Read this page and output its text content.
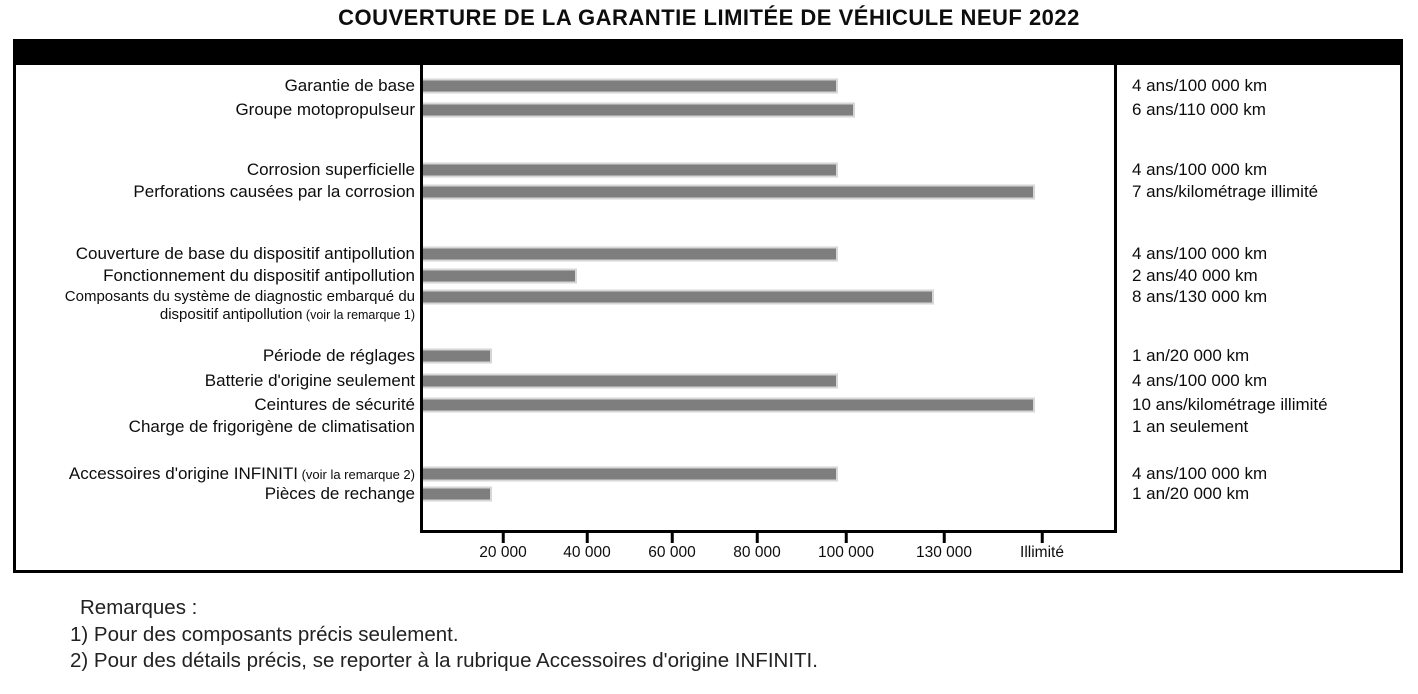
COUVERTURE DE LA GARANTIE LIMITÉE DE VÉHICULE NEUF 2022
Garantie de base	4 ans/100 000 km
Groupe motopropulseur	6 ans/110 000 km
Corrosion superficielle	4 ans/100 000 km
Perforations causées par la corrosion	7 ans/kilométrage illimité
Couverture de base du dispositif antipollution	4 ans/100 000 km
Fonctionnement du dispositif antipollution	2 ans/40 000 km
Composants du système de diagnostic embarqué du
dispositif antipollution (voir la remarque 1)
8 ans/130 000 km
Période de réglages	1 an/20 000 km
Batterie d'origine seulement	4 ans/100 000 km
Ceintures de sécurité	10 ans/kilométrage illimité
Charge de frigorigène de climatisation	1 an seulement
Accessoires d'origine INFINITI (voir la remarque 2)	4 ans/100 000 km
Pièces de rechange	1 an/20 000 km
20 000 40 000 60 000 80 000 100 000	130 000	Illimité
Remarques :
1) Pour des composants précis seulement.
2) Pour des détails précis, se reporter à la rubrique Accessoires d'origine INFINITI.
